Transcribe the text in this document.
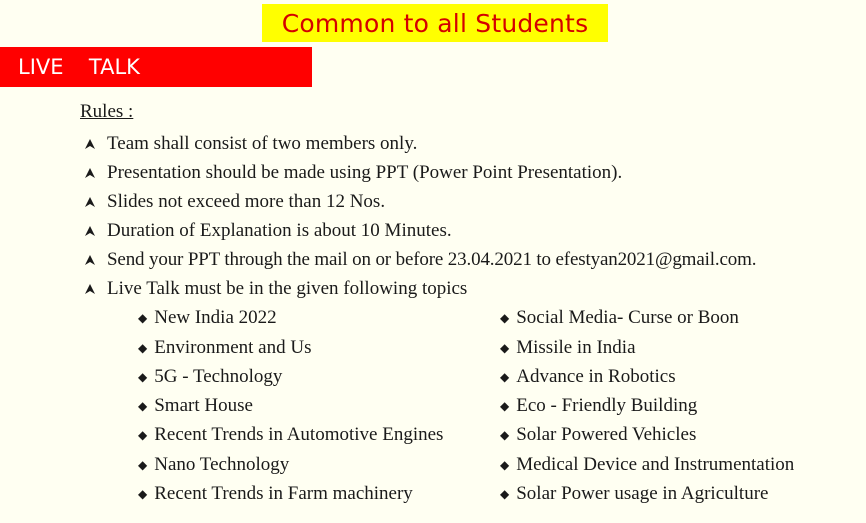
Common to all Students
LIVE  TALK
Rules :
Team shall consist of two members only.
Presentation should be made using PPT (Power Point Presentation).
Slides not exceed more than 12 Nos.
Duration of Explanation is about 10 Minutes.
Send your PPT through the mail on or before 23.04.2021 to efestyan2021@gmail.com.
Live Talk must be in the given following topics
◆ New India 2022
◆ Environment and Us
◆ 5G - Technology
◆ Smart House
◆ Recent Trends in Automotive Engines
◆ Nano Technology
◆ Recent Trends in Farm machinery
◆ Social Media- Curse or Boon
◆ Missile in India
◆ Advance in Robotics
◆ Eco - Friendly Building
◆ Solar Powered Vehicles
◆ Medical Device and Instrumentation
◆ Solar Power usage in Agriculture
